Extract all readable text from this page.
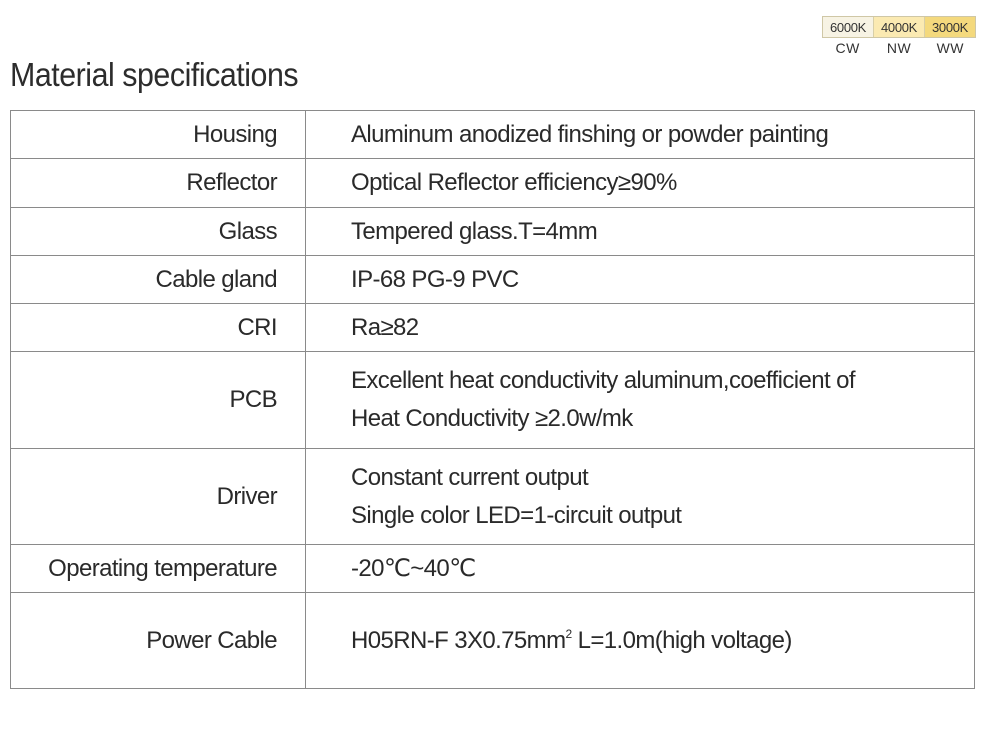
6000K	4000K	3000K
CW	NW	WW
Material specifications
Housing	Aluminum anodized finshing or powder painting

Reflector	Optical Reflector efficiency≥90%

Glass	Tempered glass.T=4mm

Cable gland	IP-68 PG-9 PVC

CRI	Ra≥82

PCB	Excellent heat conductivity aluminum,coefficient of
Heat Conductivity ≥2.0w/mk

Driver	Constant current output
Single color LED=1-circuit output

Operating temperature	-20℃~40℃

Power Cable	H05RN-F $3X0.75mm^2$ L=1.0m(high voltage)
